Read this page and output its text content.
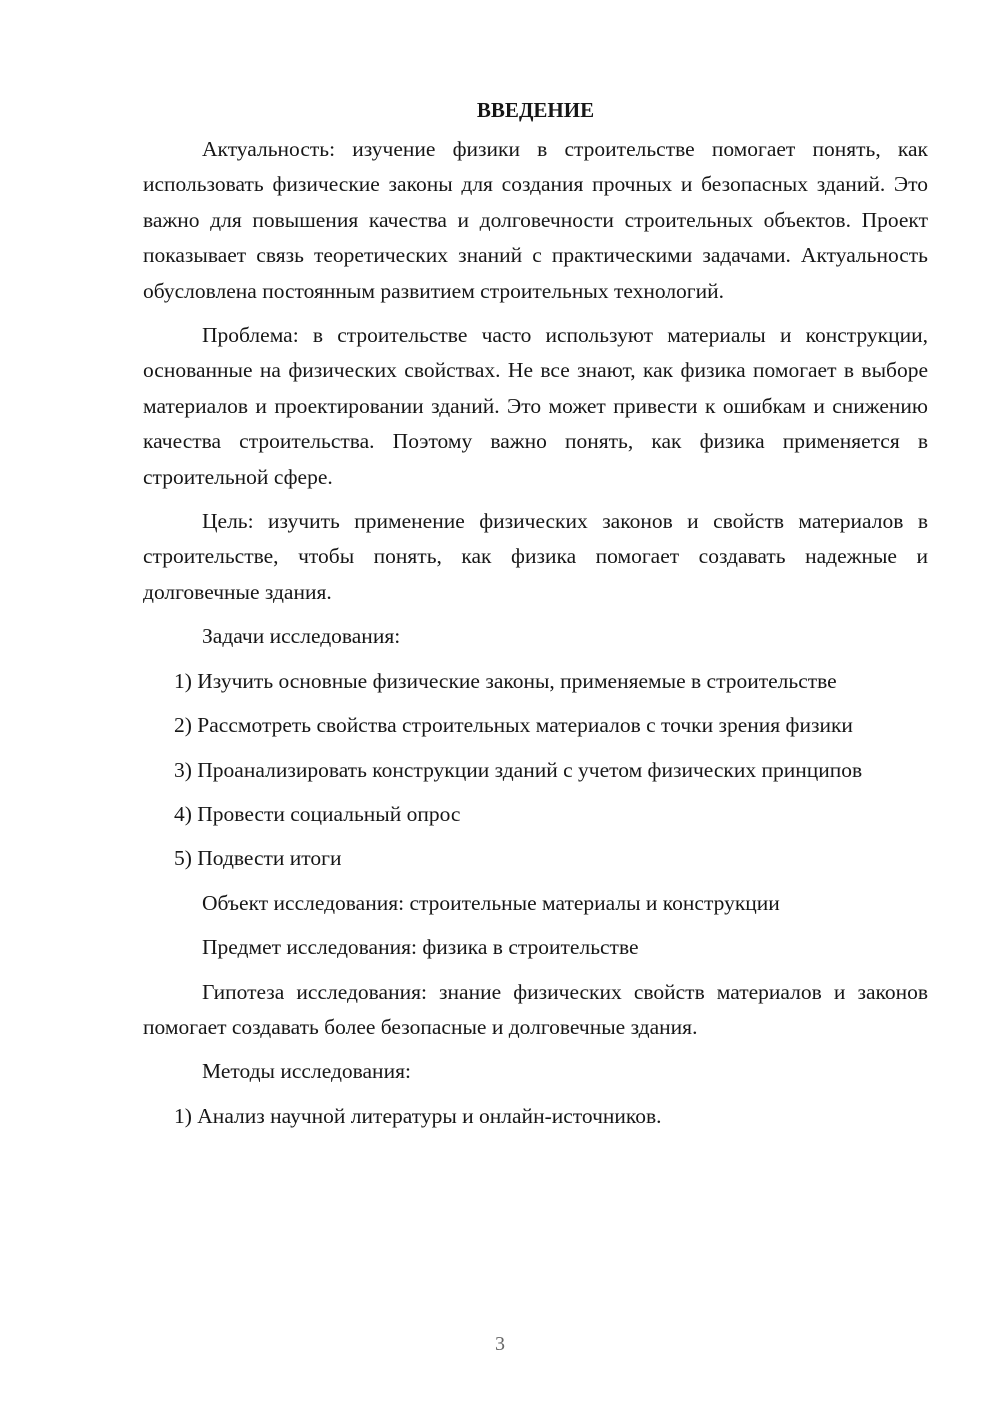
ВВЕДЕНИЕ

Актуальность: изучение физики в строительстве помогает понять, как использовать физические законы для создания прочных и безопасных зданий. Это важно для повышения качества и долговечности строительных объектов. Проект показывает связь теоретических знаний с практическими задачами. Актуальность обусловлена постоянным развитием строительных технологий.

Проблема: в строительстве часто используют материалы и конструкции, основанные на физических свойствах. Не все знают, как физика помогает в выборе материалов и проектировании зданий. Это может привести к ошибкам и снижению качества строительства. Поэтому важно понять, как физика применяется в строительной сфере.

Цель: изучить применение физических законов и свойств материалов в строительстве, чтобы понять, как физика помогает создавать надежные и долговечные здания.

Задачи исследования:

1) Изучить основные физические законы, применяемые в строительстве

2) Рассмотреть свойства строительных материалов с точки зрения физики

3) Проанализировать конструкции зданий с учетом физических принципов

4) Провести социальный опрос

5) Подвести итоги

Объект исследования: строительные материалы и конструкции

Предмет исследования: физика в строительстве

Гипотеза исследования: знание физических свойств материалов и законов помогает создавать более безопасные и долговечные здания.

Методы исследования:

1) Анализ научной литературы и онлайн-источников.

3
